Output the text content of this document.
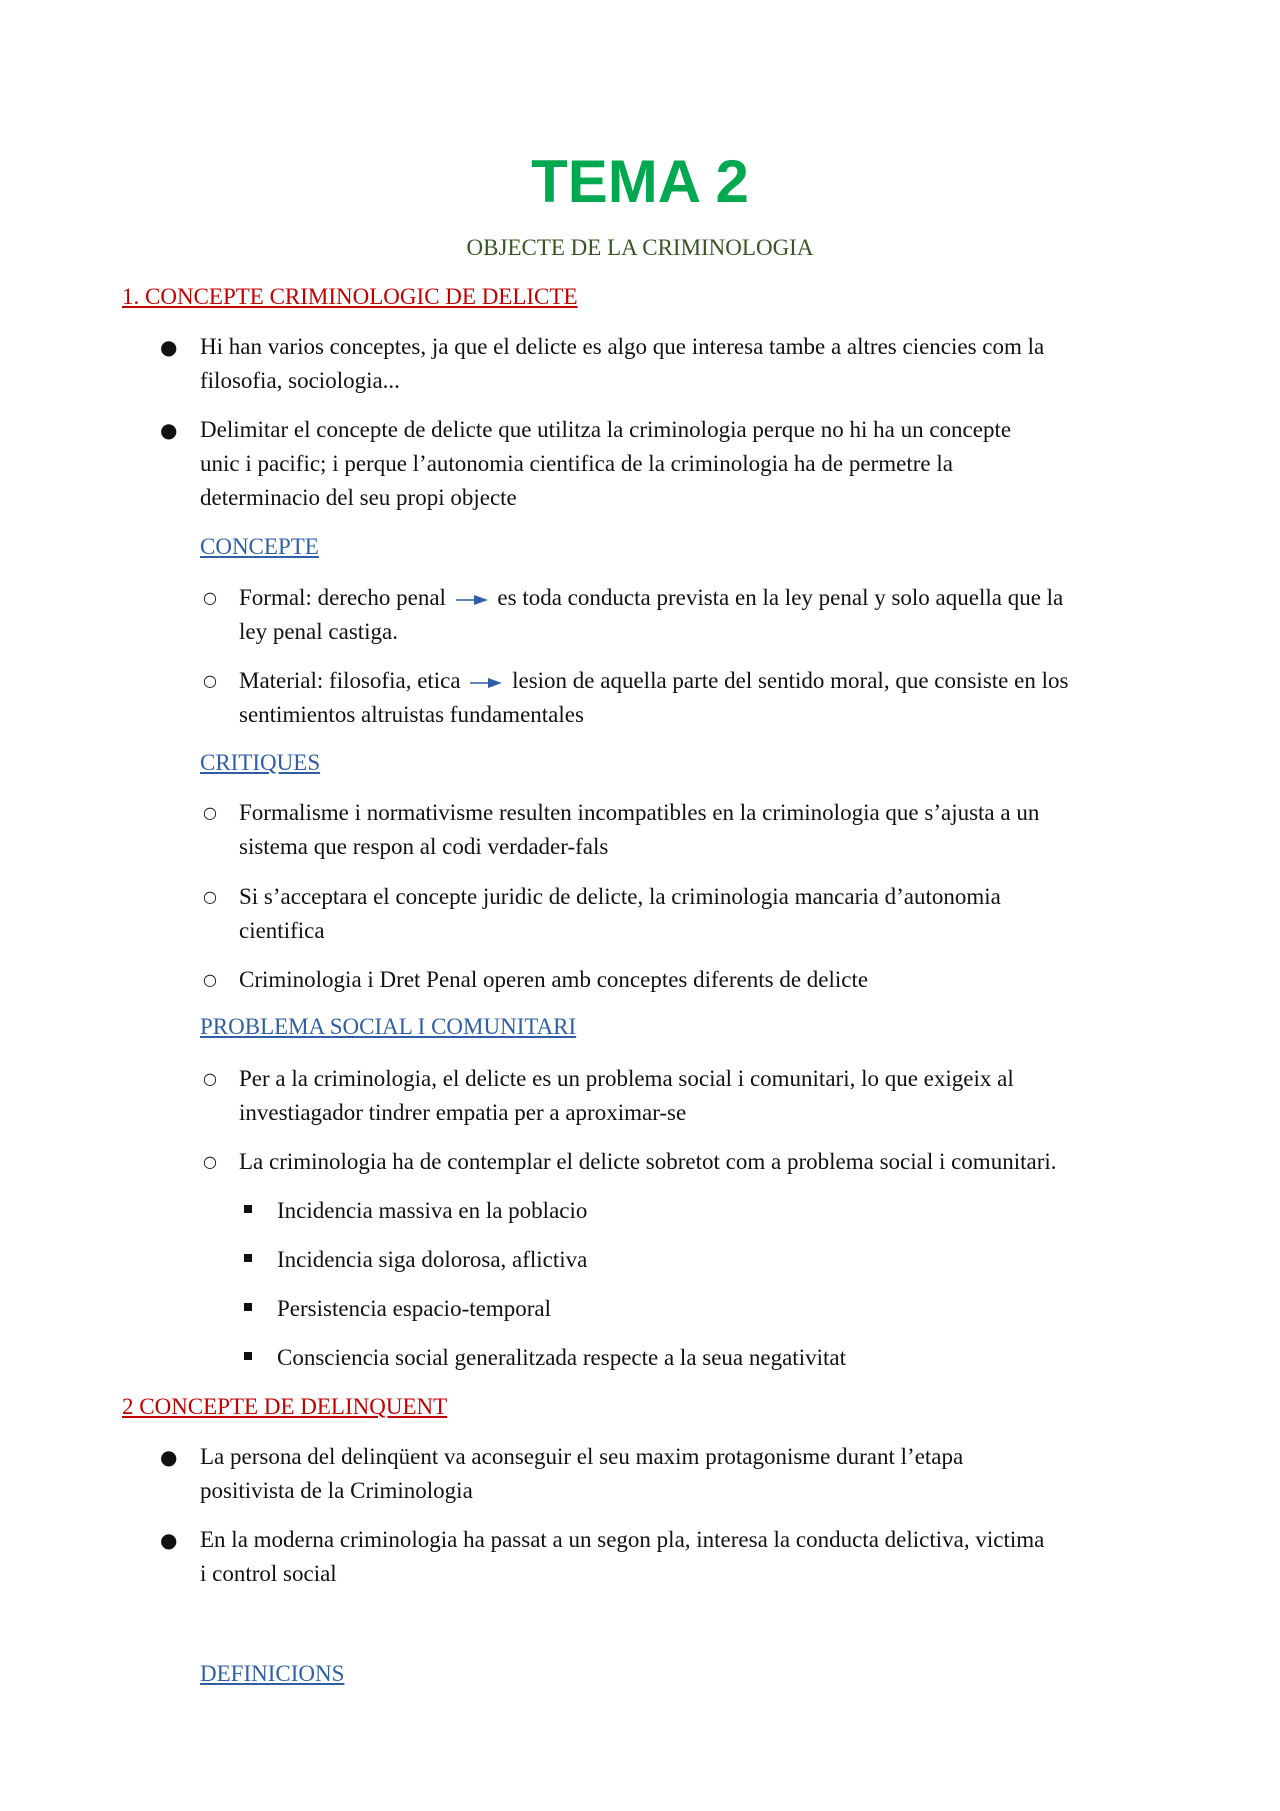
TEMA 2
OBJECTE DE LA CRIMINOLOGIA
1. CONCEPTE CRIMINOLOGIC DE DELICTE
● Hi han varios conceptes, ja que el delicte es algo que interesa tambe a altres ciencies com la
filosofia, sociologia...
● Delimitar el concepte de delicte que utilitza la criminologia perque no hi ha un concepte
unic i pacific; i perque l’autonomia cientifica de la criminologia ha de permetre la
determinacio del seu propi objecte
CONCEPTE
○ Formal: derecho penal es toda conducta prevista en la ley penal y solo aquella que la
ley penal castiga.
○ Material: filosofia, etica lesion de aquella parte del sentido moral, que consiste en los
sentimientos altruistas fundamentales
CRITIQUES
○ Formalisme i normativisme resulten incompatibles en la criminologia que s’ajusta a un
sistema que respon al codi verdader-fals
○ Si s’acceptara el concepte juridic de delicte, la criminologia mancaria d’autonomia
cientifica
○ Criminologia i Dret Penal operen amb conceptes diferents de delicte
PROBLEMA SOCIAL I COMUNITARI
○ Per a la criminologia, el delicte es un problema social i comunitari, lo que exigeix al
investiagador tindrer empatia per a aproximar-se
○ La criminologia ha de contemplar el delicte sobretot com a problema social i comunitari.
Incidencia massiva en la poblacio
Incidencia siga dolorosa, aflictiva
Persistencia espacio-temporal
Consciencia social generalitzada respecte a la seua negativitat
2 CONCEPTE DE DELINQUENT
● La persona del delinqüent va aconseguir el seu maxim protagonisme durant l’etapa
positivista de la Criminologia
● En la moderna criminologia ha passat a un segon pla, interesa la conducta delictiva, victima
i control social
DEFINICIONS
